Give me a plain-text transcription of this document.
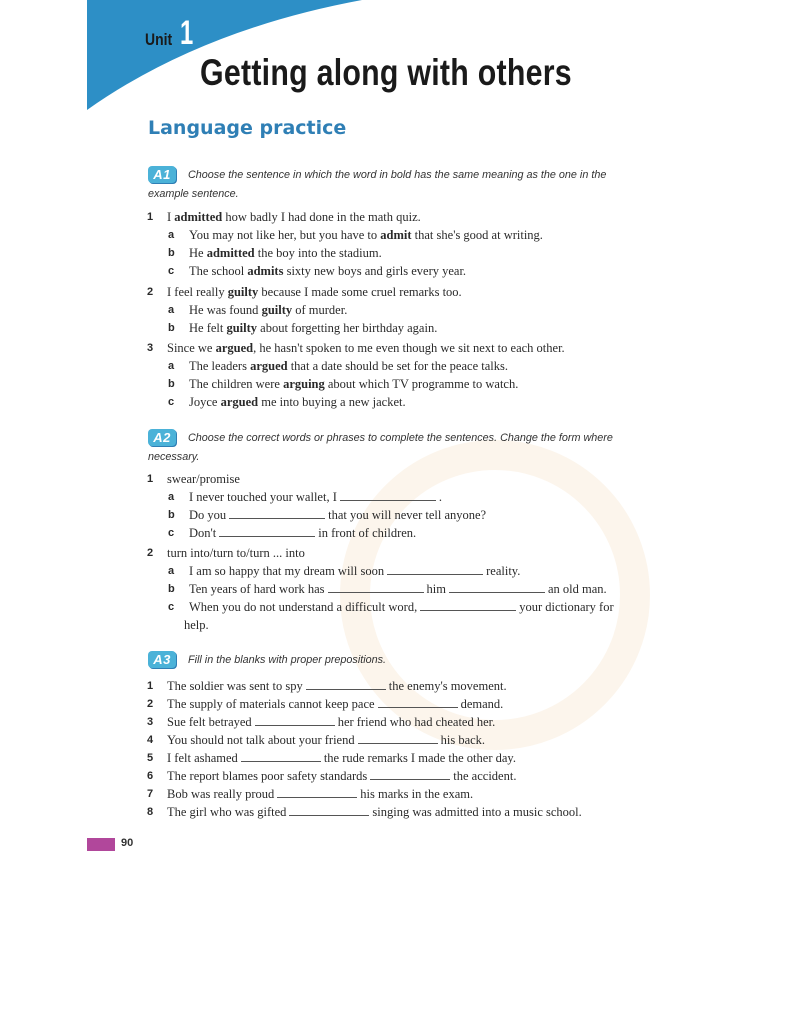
Unit 1
Getting along with others
Language practice
A1 Choose the sentence in which the word in bold has the same meaning as the one in the example sentence.
1 I admitted how badly I had done in the math quiz.
a You may not like her, but you have to admit that she's good at writing.
b He admitted the boy into the stadium.
c The school admits sixty new boys and girls every year.
2 I feel really guilty because I made some cruel remarks too.
a He was found guilty of murder.
b He felt guilty about forgetting her birthday again.
3 Since we argued, he hasn't spoken to me even though we sit next to each other.
a The leaders argued that a date should be set for the peace talks.
b The children were arguing about which TV programme to watch.
c Joyce argued me into buying a new jacket.
A2 Choose the correct words or phrases to complete the sentences. Change the form where necessary.
1 swear/promise
a I never touched your wallet, I	.
b Do you	that you will never tell anyone?
c Don't	in front of children.
2 turn into/turn to/turn ... into
a I am so happy that my dream will soon	reality.
b Ten years of hard work has	him	an old man.
c When you do not understand a difficult word,	your dictionary for
help.
A3 Fill in the blanks with proper prepositions.
1 The soldier was sent to spy	the enemy's movement.
2 The supply of materials cannot keep pace	demand.
3 Sue felt betrayed	her friend who had cheated her.
4 You should not talk about your friend	his back.
5 I felt ashamed	the rude remarks I made the other day.
6 The report blames poor safety standards	the accident.
7 Bob was really proud	his marks in the exam.
8 The girl who was gifted	singing was admitted into a music school.
90
